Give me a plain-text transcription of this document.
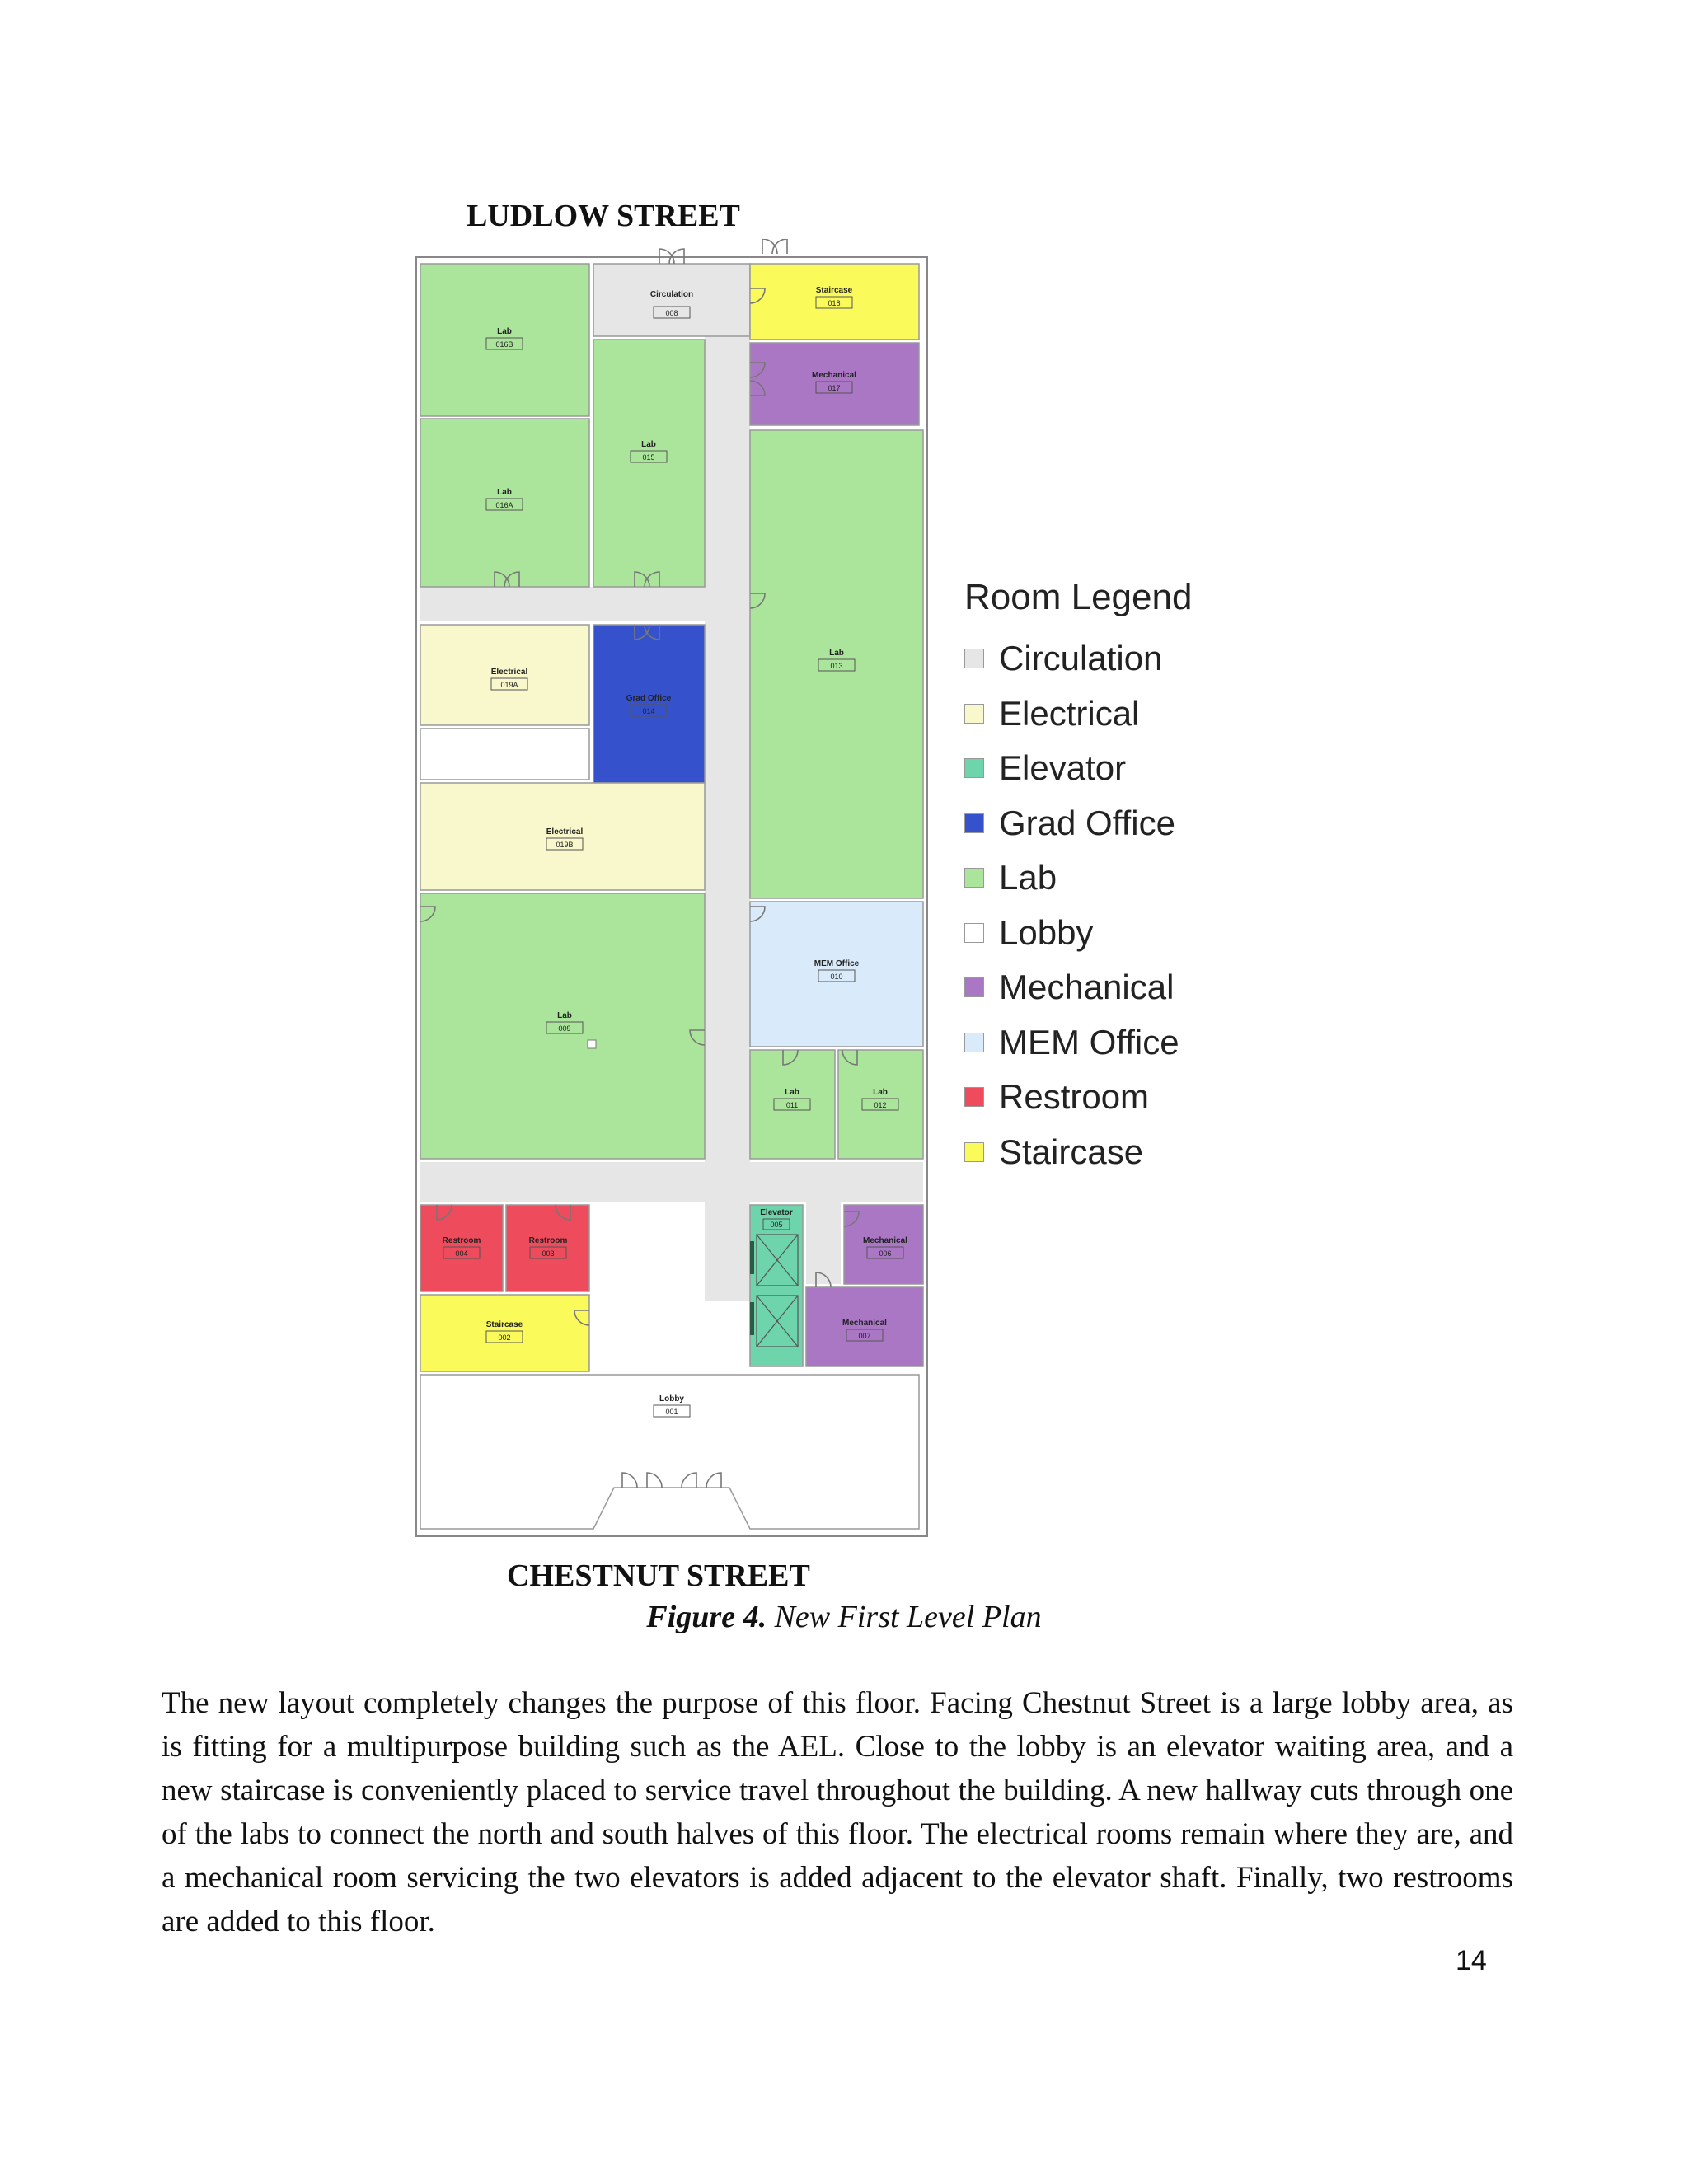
LUDLOW STREET
Circulation
008
Staircase
018
Lab
016B
Mechanical
017
Lab
015
Lab
016A
Lab
013
Electrical
019A
Grad Office
014
Electrical
019B
Lab
009
MEM Office
010
Lab
011
Lab
012
Restroom
004
Restroom
003
Elevator
005
Mechanical
006
Staircase
002
Mechanical
007
Lobby
001
CHESTNUT STREET
Room Legend
Circulation
Electrical
Elevator
Grad Office
Lab
Lobby
Mechanical
MEM Office
Restroom
Staircase
Figure 4. New First Level Plan

The new layout completely changes the purpose of this floor. Facing Chestnut Street is a large lobby area, as is fitting for a multipurpose building such as the AEL. Close to the lobby is an elevator waiting area, and a new staircase is conveniently placed to service travel throughout the building. A new hallway cuts through one of the labs to connect the north and south halves of this floor. The electrical rooms remain where they are, and a mechanical room servicing the two elevators is added adjacent to the elevator shaft. Finally, two restrooms are added to this floor.

14
